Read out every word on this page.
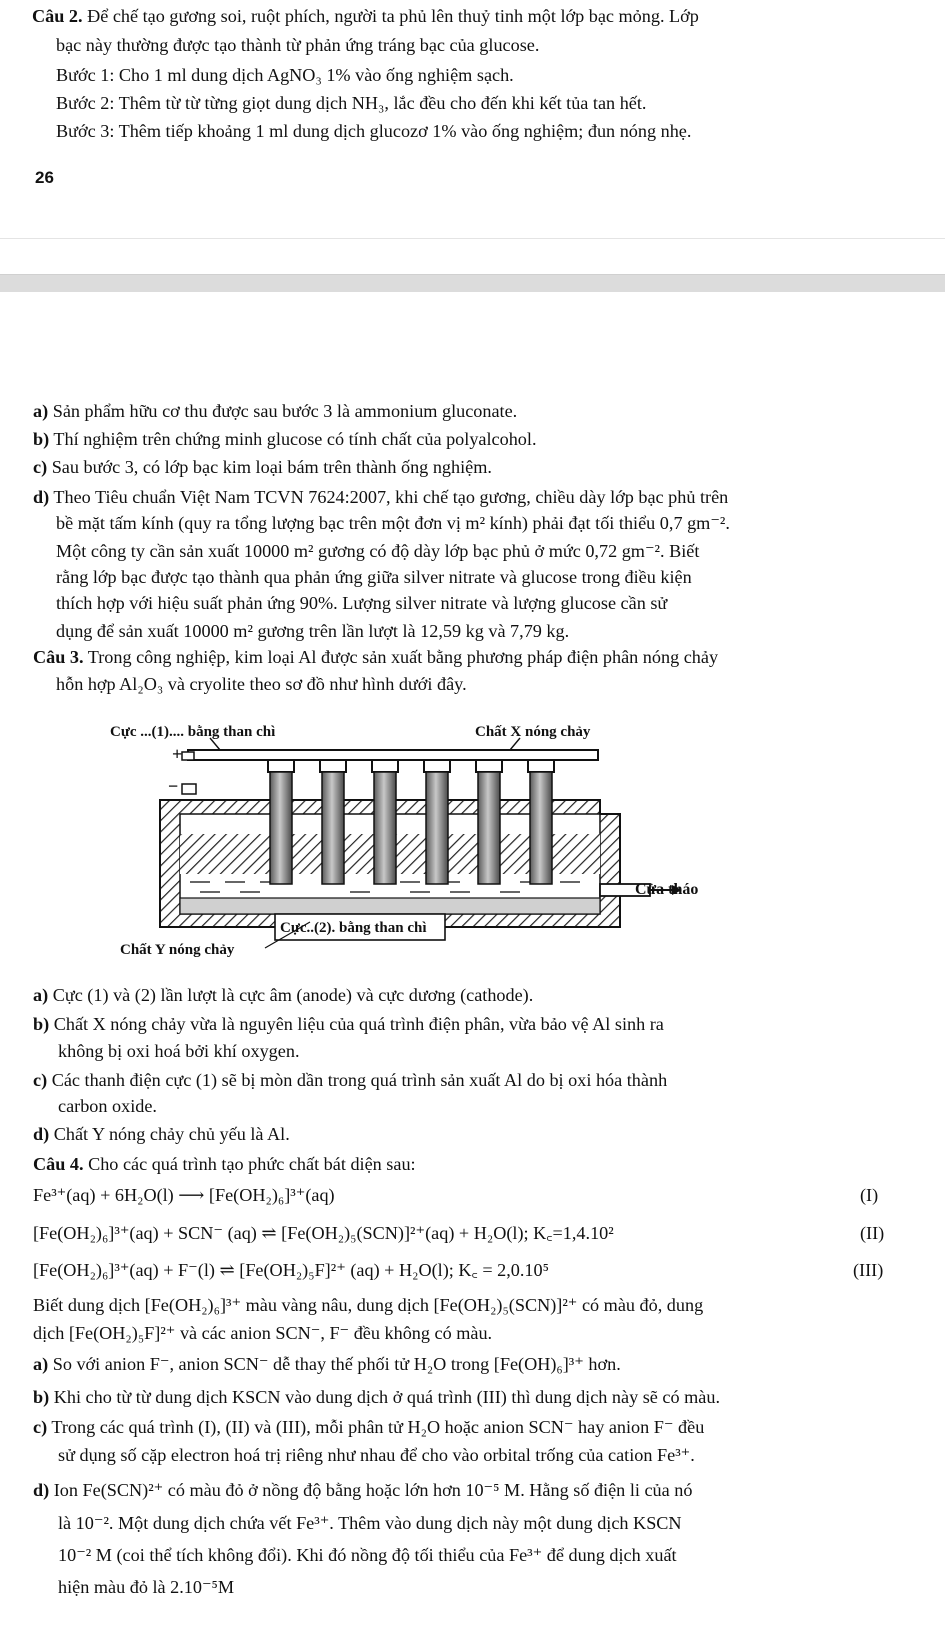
Câu 2. Để chế tạo gương soi, ruột phích, người ta phủ lên thuỷ tinh một lớp bạc mỏng. Lớp
bạc này thường được tạo thành từ phản ứng tráng bạc của glucose.
Bước 1: Cho 1 ml dung dịch AgNO₃ 1% vào ống nghiệm sạch.
Bước 2: Thêm từ từ từng giọt dung dịch NH₃, lắc đều cho đến khi kết tủa tan hết.
Bước 3: Thêm tiếp khoảng 1 ml dung dịch glucozơ 1% vào ống nghiệm; đun nóng nhẹ.
26
a) Sản phẩm hữu cơ thu được sau bước 3 là ammonium gluconate.
b) Thí nghiệm trên chứng minh glucose có tính chất của polyalcohol.
c) Sau bước 3, có lớp bạc kim loại bám trên thành ống nghiệm.
d) Theo Tiêu chuẩn Việt Nam TCVN 7624:2007, khi chế tạo gương, chiều dày lớp bạc phủ trên
bề mặt tấm kính (quy ra tổng lượng bạc trên một đơn vị m² kính) phải đạt tối thiểu 0,7 gm⁻².
Một công ty cần sản xuất 10000 m² gương có độ dày lớp bạc phủ ở mức 0,72 gm⁻². Biết
rằng lớp bạc được tạo thành qua phản ứng giữa silver nitrate và glucose trong điều kiện
thích hợp với hiệu suất phản ứng 90%. Lượng silver nitrate và lượng glucose cần sử
dụng để sản xuất 10000 m² gương trên lần lượt là 12,59 kg và 7,79 kg.
Câu 3. Trong công nghiệp, kim loại Al được sản xuất bằng phương pháp điện phân nóng chảy
hỗn hợp Al₂O₃ và cryolite theo sơ đồ như hình dưới đây.
Cực ...(1).... bằng than chì	Chất X nóng chảy
+
−
Cửa tháo
Cực..(2). bằng than chì
Chất Y nóng chảy
a) Cực (1) và (2) lần lượt là cực âm (anode) và cực dương (cathode).
b) Chất X nóng chảy vừa là nguyên liệu của quá trình điện phân, vừa bảo vệ Al sinh ra
không bị oxi hoá bởi khí oxygen.
c) Các thanh điện cực (1) sẽ bị mòn dần trong quá trình sản xuất Al do bị oxi hóa thành
carbon oxide.
d) Chất Y nóng chảy chủ yếu là Al.
Câu 4. Cho các quá trình tạo phức chất bát diện sau:
Fe³⁺(aq) + 6H₂O(l) ⟶ [Fe(OH₂)₆]³⁺(aq)	(I)
[Fe(OH₂)₆]³⁺(aq) + SCN⁻ (aq) ⇌ [Fe(OH₂)₅(SCN)]²⁺(aq) + H₂O(l); K꜀=1,4.10²	(II)
[Fe(OH₂)₆]³⁺(aq) + F⁻(l) ⇌ [Fe(OH₂)₅F]²⁺ (aq) + H₂O(l); K꜀ = 2,0.10⁵	(III)
Biết dung dịch [Fe(OH₂)₆]³⁺ màu vàng nâu, dung dịch [Fe(OH₂)₅(SCN)]²⁺ có màu đỏ, dung
dịch [Fe(OH₂)₅F]²⁺ và các anion SCN⁻, F⁻ đều không có màu.
a) So với anion F⁻, anion SCN⁻ dễ thay thế phối tử H₂O trong [Fe(OH)₆]³⁺ hơn.
b) Khi cho từ từ dung dịch KSCN vào dung dịch ở quá trình (III) thì dung dịch này sẽ có màu.
c) Trong các quá trình (I), (II) và (III), mỗi phân tử H₂O hoặc anion SCN⁻ hay anion F⁻ đều
sử dụng số cặp electron hoá trị riêng như nhau để cho vào orbital trống của cation Fe³⁺.
d) Ion Fe(SCN)²⁺ có màu đỏ ở nồng độ bằng hoặc lớn hơn 10⁻⁵ M. Hằng số điện li của nó
là 10⁻². Một dung dịch chứa vết Fe³⁺. Thêm vào dung dịch này một dung dịch KSCN
10⁻² M (coi thể tích không đổi). Khi đó nồng độ tối thiểu của Fe³⁺ để dung dịch xuất
hiện màu đỏ là 2.10⁻⁵M
